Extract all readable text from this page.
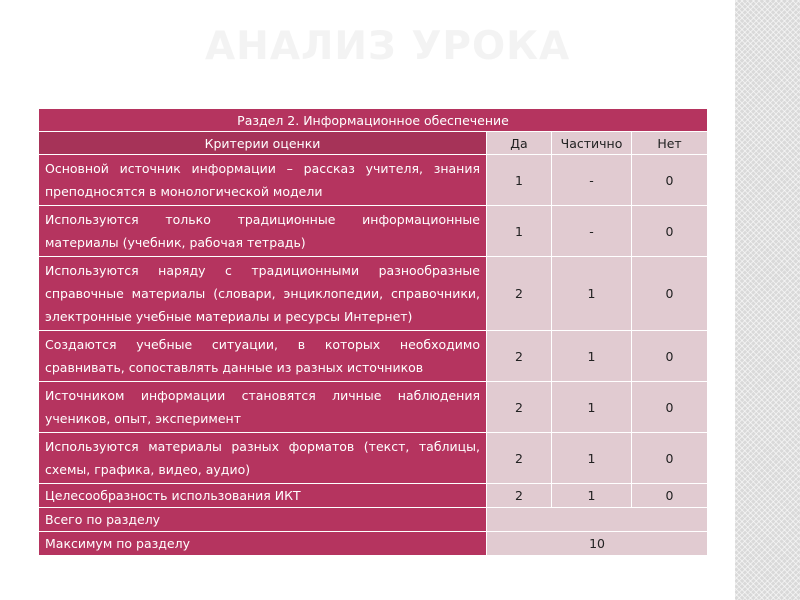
АНАЛИЗ УРОКА
Раздел 2. Информационное обеспечение			
Критерии оценки	Да	Частично	Нет
Основной источник информации – рассказ учителя, знания преподносятся в монологической модели	1	-	0
Используются только традиционные информационные материалы (учебник, рабочая тетрадь)	1	-	0
Используются наряду с традиционными разнообразные справочные материалы (словари, энциклопедии, справочники, электронные учебные материалы и ресурсы Интернет)	2	1	0
Создаются учебные ситуации, в которых необходимо сравнивать, сопоставлять данные из разных источников	2	1	0
Источником информации становятся личные наблюдения учеников, опыт, эксперимент	2	1	0
Используются материалы разных форматов (текст, таблицы, схемы, графика, видео, аудио)	2	1	0
Целесообразность использования ИКТ	2	1	0
Всего по разделу			
Максимум по разделу	10		
